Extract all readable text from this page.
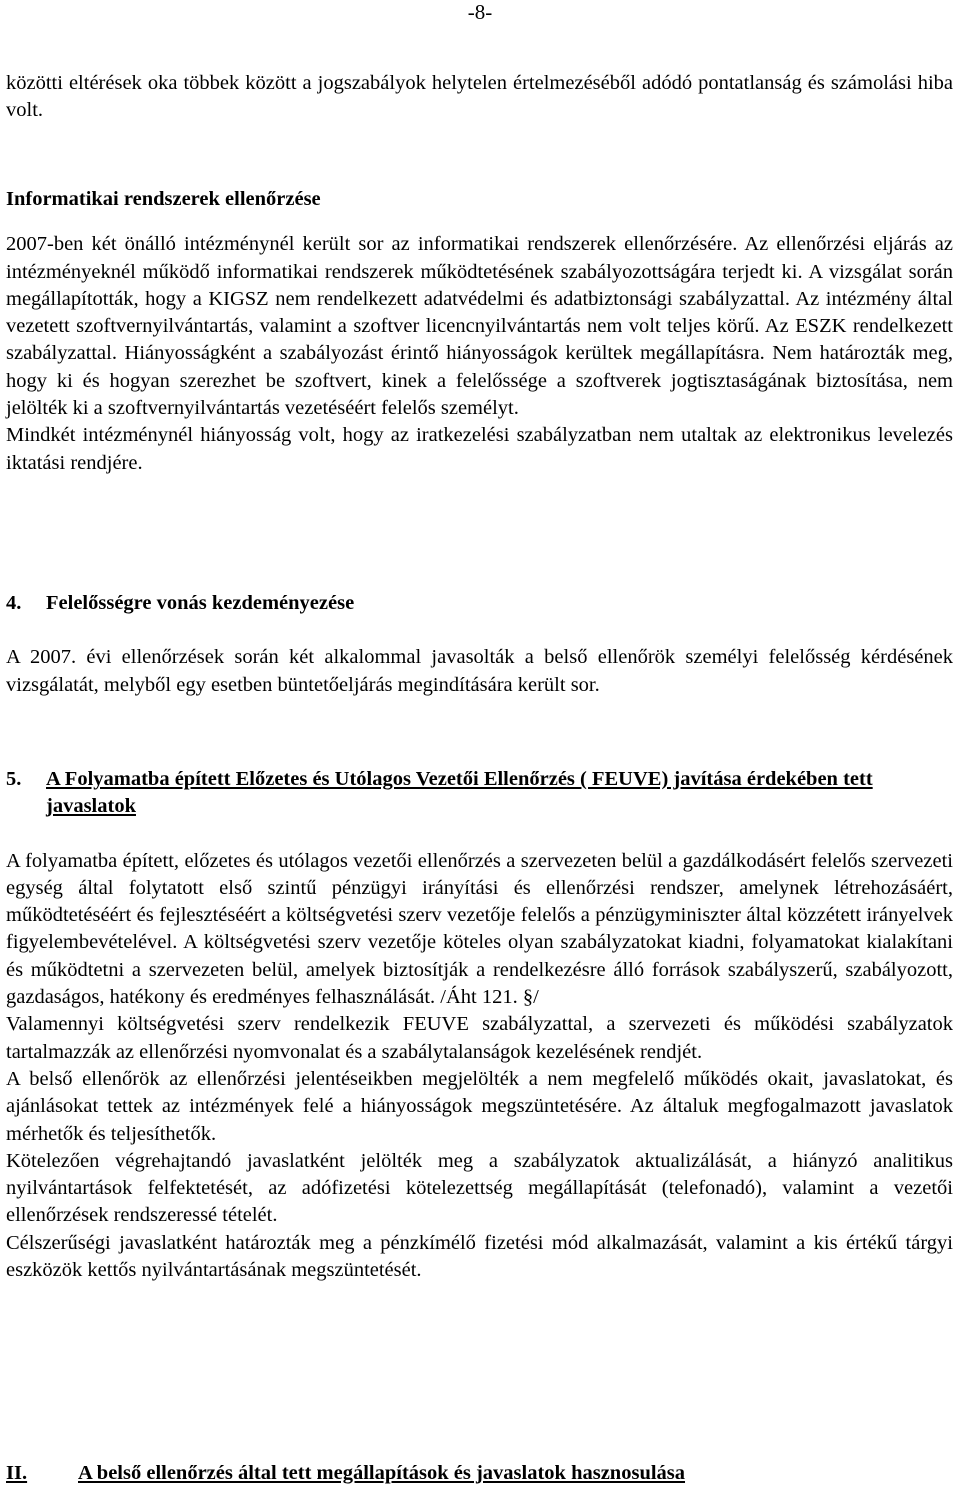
-8-

közötti eltérések oka többek között a jogszabályok helytelen értelmezéséből adódó pontatlanság és számolási hiba volt.

Informatikai rendszerek ellenőrzése

2007-ben két önálló intézménynél került sor az informatikai rendszerek ellenőrzésére. Az ellenőrzési eljárás az intézményeknél működő informatikai rendszerek működtetésének szabályozottságára terjedt ki. A vizsgálat során megállapították, hogy a KIGSZ nem rendelkezett adatvédelmi és adatbiztonsági szabályzattal. Az intézmény által vezetett szoftvernyilvántartás, valamint a szoftver licencnyilvántartás nem volt teljes körű. Az ESZK rendelkezett szabályzattal. Hiányosságként a szabályozást érintő hiányosságok kerültek megállapításra. Nem határozták meg, hogy ki és hogyan szerezhet be szoftvert, kinek a felelőssége a szoftverek jogtisztaságának biztosítása, nem jelölték ki a szoftvernyilvántartás vezetéséért felelős személyt.

Mindkét intézménynél hiányosság volt, hogy az iratkezelési szabályzatban nem utaltak az elektronikus levelezés iktatási rendjére.

4.	Felelősségre vonás kezdeményezése

A 2007. évi ellenőrzések során két alkalommal javasolták a belső ellenőrök személyi felelősség kérdésének vizsgálatát, melyből egy esetben büntetőeljárás megindítására került sor.

5.	A Folyamatba épített Előzetes és Utólagos Vezetői Ellenőrzés ( FEUVE) javítása érdekében tett javaslatok

A folyamatba épített, előzetes és utólagos vezetői ellenőrzés a szervezeten belül a gazdálkodásért felelős szervezeti egység által folytatott első szintű pénzügyi irányítási és ellenőrzési rendszer, amelynek létrehozásáért, működtetéséért és fejlesztéséért a költségvetési szerv vezetője felelős a pénzügyminiszter által közzétett irányelvek figyelembevételével. A költségvetési szerv vezetője köteles olyan szabályzatokat kiadni, folyamatokat kialakítani és működtetni a szervezeten belül, amelyek biztosítják a rendelkezésre álló források szabályszerű, szabályozott, gazdaságos, hatékony és eredményes felhasználását. /Áht 121. §/

Valamennyi költségvetési szerv rendelkezik FEUVE szabályzattal, a szervezeti és működési szabályzatok tartalmazzák az ellenőrzési nyomvonalat és a szabálytalanságok kezelésének rendjét.

A belső ellenőrök az ellenőrzési jelentéseikben megjelölték a nem megfelelő működés okait, javaslatokat, és ajánlásokat tettek az intézmények felé a hiányosságok megszüntetésére. Az általuk megfogalmazott javaslatok mérhetők és teljesíthetők.

Kötelezően végrehajtandó javaslatként jelölték meg a szabályzatok aktualizálását, a hiányzó analitikus nyilvántartások felfektetését, az adófizetési kötelezettség megállapítását (telefonadó), valamint a vezetői ellenőrzések rendszeressé tételét.

Célszerűségi javaslatként határozták meg a pénzkímélő fizetési mód alkalmazását, valamint a kis értékű tárgyi eszközök kettős nyilvántartásának megszüntetését.

II.	A belső ellenőrzés által tett megállapítások és javaslatok hasznosulása
